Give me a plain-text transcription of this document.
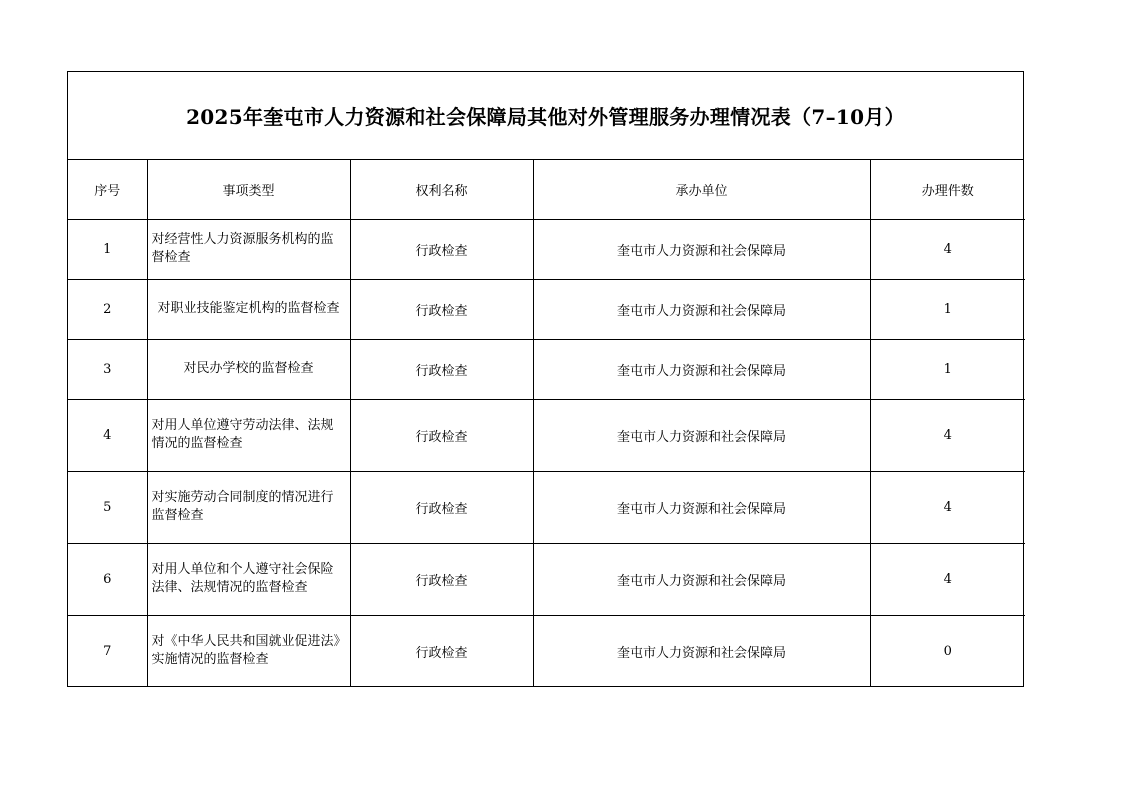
2025年奎屯市人力资源和社会保障局其他对外管理服务办理情况表（7–10月）
序号	事项类型	权利名称	承办单位	办理件数
1	对经营性人力资源服务机构的监督检查	行政检查	奎屯市人力资源和社会保障局	4
2	对职业技能鉴定机构的监督检查	行政检查	奎屯市人力资源和社会保障局	1
3	对民办学校的监督检查	行政检查	奎屯市人力资源和社会保障局	1
4	对用人单位遵守劳动法律、法规情况的监督检查	行政检查	奎屯市人力资源和社会保障局	4
5	对实施劳动合同制度的情况进行监督检查	行政检查	奎屯市人力资源和社会保障局	4
6	对用人单位和个人遵守社会保险法律、法规情况的监督检查	行政检查	奎屯市人力资源和社会保障局	4
7	对《中华人民共和国就业促进法》实施情况的监督检查	行政检查	奎屯市人力资源和社会保障局	0
